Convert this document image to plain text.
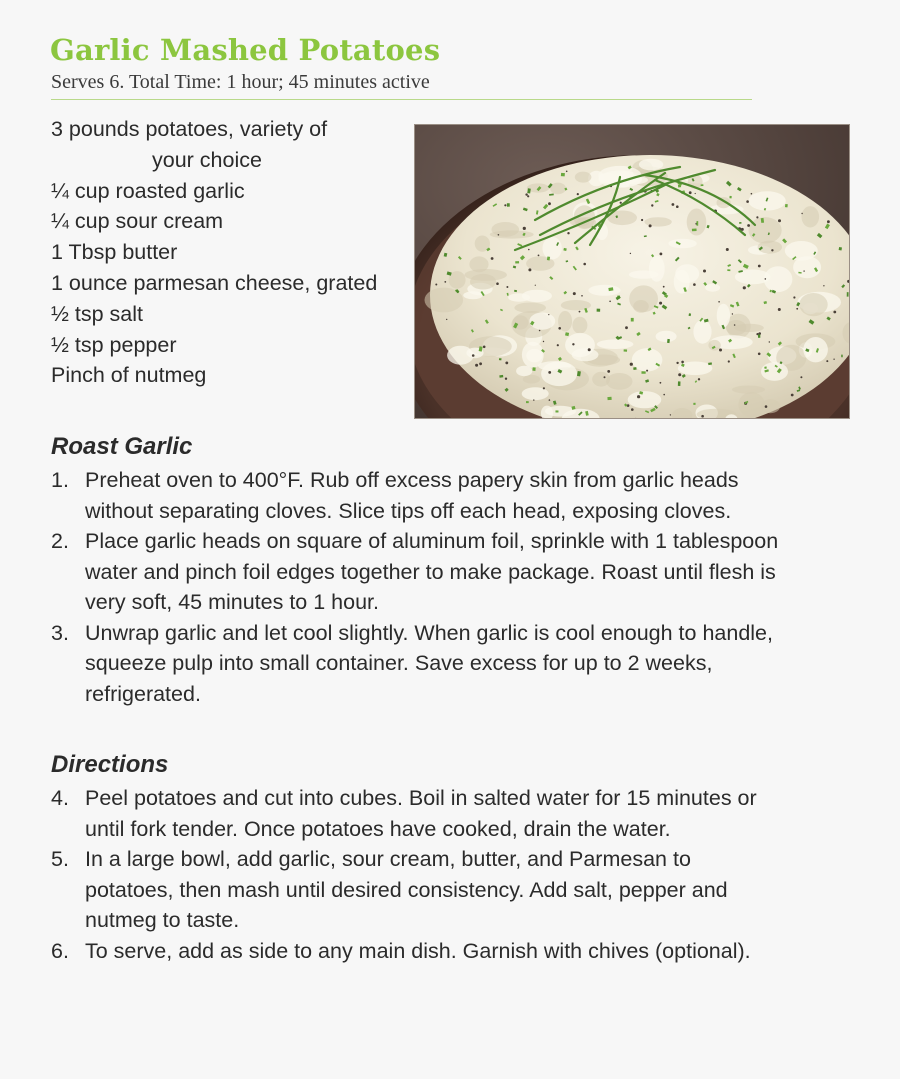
Garlic Mashed Potatoes

Serves 6. Total Time: 1 hour; 45 minutes active

3 pounds potatoes, variety of
your choice
¼ cup roasted garlic
¼ cup sour cream
1 Tbsp butter
1 ounce parmesan cheese, grated
½ tsp salt
½ tsp pepper
Pinch of nutmeg
Roast Garlic
1. Preheat oven to 400°F. Rub off excess papery skin from garlic heads
without separating cloves. Slice tips off each head, exposing cloves.
2. Place garlic heads on square of aluminum foil, sprinkle with 1 tablespoon
water and pinch foil edges together to make package. Roast until flesh is
very soft, 45 minutes to 1 hour.
3. Unwrap garlic and let cool slightly. When garlic is cool enough to handle,
squeeze pulp into small container. Save excess for up to 2 weeks,
refrigerated.
Directions
4. Peel potatoes and cut into cubes. Boil in salted water for 15 minutes or
until fork tender. Once potatoes have cooked, drain the water.
5. In a large bowl, add garlic, sour cream, butter, and Parmesan to
potatoes, then mash until desired consistency. Add salt, pepper and
nutmeg to taste.
6. To serve, add as side to any main dish. Garnish with chives (optional).
